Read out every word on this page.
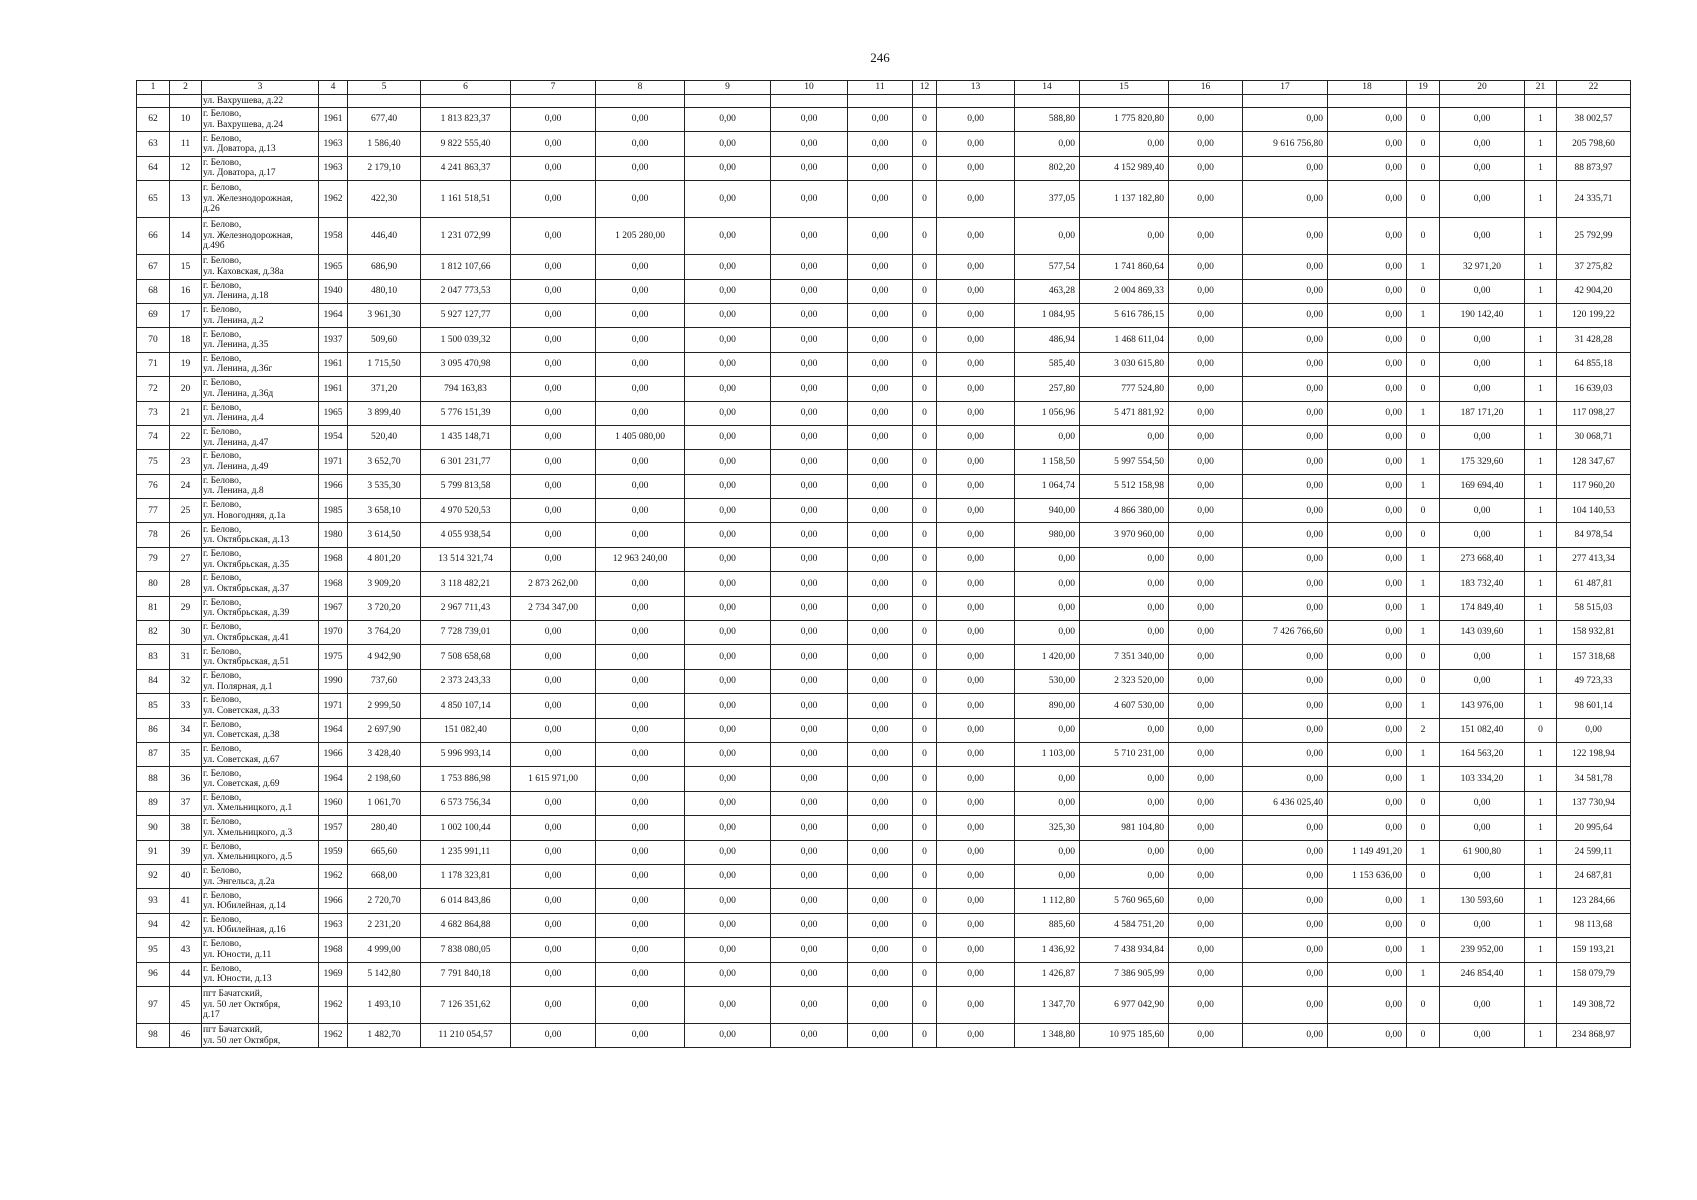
246
1	2	3	4	5	6	7	8	9	10	11	12	13	14	15	16	17	18	19	20	21	22
		ул. Вахрушева, д.22																			
62	10	г. Белово,
ул. Вахрушева, д.24	1961	677,40	1 813 823,37	0,00	0,00	0,00	0,00	0,00	0	0,00	588,80	1 775 820,80	0,00	0,00	0,00	0	0,00	1	38 002,57
63	11	г. Белово,
ул. Доватора, д.13	1963	1 586,40	9 822 555,40	0,00	0,00	0,00	0,00	0,00	0	0,00	0,00	0,00	0,00	9 616 756,80	0,00	0	0,00	1	205 798,60
64	12	г. Белово,
ул. Доватора, д.17	1963	2 179,10	4 241 863,37	0,00	0,00	0,00	0,00	0,00	0	0,00	802,20	4 152 989,40	0,00	0,00	0,00	0	0,00	1	88 873,97
65	13	г. Белово,
ул. Железнодорожная,
д.26	1962	422,30	1 161 518,51	0,00	0,00	0,00	0,00	0,00	0	0,00	377,05	1 137 182,80	0,00	0,00	0,00	0	0,00	1	24 335,71
66	14	г. Белово,
ул. Железнодорожная,
д.49б	1958	446,40	1 231 072,99	0,00	1 205 280,00	0,00	0,00	0,00	0	0,00	0,00	0,00	0,00	0,00	0,00	0	0,00	1	25 792,99
67	15	г. Белово,
ул. Каховская, д.38а	1965	686,90	1 812 107,66	0,00	0,00	0,00	0,00	0,00	0	0,00	577,54	1 741 860,64	0,00	0,00	0,00	1	32 971,20	1	37 275,82
68	16	г. Белово,
ул. Ленина, д.18	1940	480,10	2 047 773,53	0,00	0,00	0,00	0,00	0,00	0	0,00	463,28	2 004 869,33	0,00	0,00	0,00	0	0,00	1	42 904,20
69	17	г. Белово,
ул. Ленина, д.2	1964	3 961,30	5 927 127,77	0,00	0,00	0,00	0,00	0,00	0	0,00	1 084,95	5 616 786,15	0,00	0,00	0,00	1	190 142,40	1	120 199,22
70	18	г. Белово,
ул. Ленина, д.35	1937	509,60	1 500 039,32	0,00	0,00	0,00	0,00	0,00	0	0,00	486,94	1 468 611,04	0,00	0,00	0,00	0	0,00	1	31 428,28
71	19	г. Белово,
ул. Ленина, д.36г	1961	1 715,50	3 095 470,98	0,00	0,00	0,00	0,00	0,00	0	0,00	585,40	3 030 615,80	0,00	0,00	0,00	0	0,00	1	64 855,18
72	20	г. Белово,
ул. Ленина, д.36д	1961	371,20	794 163,83	0,00	0,00	0,00	0,00	0,00	0	0,00	257,80	777 524,80	0,00	0,00	0,00	0	0,00	1	16 639,03
73	21	г. Белово,
ул. Ленина, д.4	1965	3 899,40	5 776 151,39	0,00	0,00	0,00	0,00	0,00	0	0,00	1 056,96	5 471 881,92	0,00	0,00	0,00	1	187 171,20	1	117 098,27
74	22	г. Белово,
ул. Ленина, д.47	1954	520,40	1 435 148,71	0,00	1 405 080,00	0,00	0,00	0,00	0	0,00	0,00	0,00	0,00	0,00	0,00	0	0,00	1	30 068,71
75	23	г. Белово,
ул. Ленина, д.49	1971	3 652,70	6 301 231,77	0,00	0,00	0,00	0,00	0,00	0	0,00	1 158,50	5 997 554,50	0,00	0,00	0,00	1	175 329,60	1	128 347,67
76	24	г. Белово,
ул. Ленина, д.8	1966	3 535,30	5 799 813,58	0,00	0,00	0,00	0,00	0,00	0	0,00	1 064,74	5 512 158,98	0,00	0,00	0,00	1	169 694,40	1	117 960,20
77	25	г. Белово,
ул. Новогодняя, д.1а	1985	3 658,10	4 970 520,53	0,00	0,00	0,00	0,00	0,00	0	0,00	940,00	4 866 380,00	0,00	0,00	0,00	0	0,00	1	104 140,53
78	26	г. Белово,
ул. Октябрьская, д.13	1980	3 614,50	4 055 938,54	0,00	0,00	0,00	0,00	0,00	0	0,00	980,00	3 970 960,00	0,00	0,00	0,00	0	0,00	1	84 978,54
79	27	г. Белово,
ул. Октябрьская, д.35	1968	4 801,20	13 514 321,74	0,00	12 963 240,00	0,00	0,00	0,00	0	0,00	0,00	0,00	0,00	0,00	0,00	1	273 668,40	1	277 413,34
80	28	г. Белово,
ул. Октябрьская, д.37	1968	3 909,20	3 118 482,21	2 873 262,00	0,00	0,00	0,00	0,00	0	0,00	0,00	0,00	0,00	0,00	0,00	1	183 732,40	1	61 487,81
81	29	г. Белово,
ул. Октябрьская, д.39	1967	3 720,20	2 967 711,43	2 734 347,00	0,00	0,00	0,00	0,00	0	0,00	0,00	0,00	0,00	0,00	0,00	1	174 849,40	1	58 515,03
82	30	г. Белово,
ул. Октябрьская, д.41	1970	3 764,20	7 728 739,01	0,00	0,00	0,00	0,00	0,00	0	0,00	0,00	0,00	0,00	7 426 766,60	0,00	1	143 039,60	1	158 932,81
83	31	г. Белово,
ул. Октябрьская, д.51	1975	4 942,90	7 508 658,68	0,00	0,00	0,00	0,00	0,00	0	0,00	1 420,00	7 351 340,00	0,00	0,00	0,00	0	0,00	1	157 318,68
84	32	г. Белово,
ул. Полярная, д.1	1990	737,60	2 373 243,33	0,00	0,00	0,00	0,00	0,00	0	0,00	530,00	2 323 520,00	0,00	0,00	0,00	0	0,00	1	49 723,33
85	33	г. Белово,
ул. Советская, д.33	1971	2 999,50	4 850 107,14	0,00	0,00	0,00	0,00	0,00	0	0,00	890,00	4 607 530,00	0,00	0,00	0,00	1	143 976,00	1	98 601,14
86	34	г. Белово,
ул. Советская, д.38	1964	2 697,90	151 082,40	0,00	0,00	0,00	0,00	0,00	0	0,00	0,00	0,00	0,00	0,00	0,00	2	151 082,40	0	0,00
87	35	г. Белово,
ул. Советская, д.67	1966	3 428,40	5 996 993,14	0,00	0,00	0,00	0,00	0,00	0	0,00	1 103,00	5 710 231,00	0,00	0,00	0,00	1	164 563,20	1	122 198,94
88	36	г. Белово,
ул. Советская, д.69	1964	2 198,60	1 753 886,98	1 615 971,00	0,00	0,00	0,00	0,00	0	0,00	0,00	0,00	0,00	0,00	0,00	1	103 334,20	1	34 581,78
89	37	г. Белово,
ул. Хмельницкого, д.1	1960	1 061,70	6 573 756,34	0,00	0,00	0,00	0,00	0,00	0	0,00	0,00	0,00	0,00	6 436 025,40	0,00	0	0,00	1	137 730,94
90	38	г. Белово,
ул. Хмельницкого, д.3	1957	280,40	1 002 100,44	0,00	0,00	0,00	0,00	0,00	0	0,00	325,30	981 104,80	0,00	0,00	0,00	0	0,00	1	20 995,64
91	39	г. Белово,
ул. Хмельницкого, д.5	1959	665,60	1 235 991,11	0,00	0,00	0,00	0,00	0,00	0	0,00	0,00	0,00	0,00	0,00	1 149 491,20	1	61 900,80	1	24 599,11
92	40	г. Белово,
ул. Энгельса, д.2а	1962	668,00	1 178 323,81	0,00	0,00	0,00	0,00	0,00	0	0,00	0,00	0,00	0,00	0,00	1 153 636,00	0	0,00	1	24 687,81
93	41	г. Белово,
ул. Юбилейная, д.14	1966	2 720,70	6 014 843,86	0,00	0,00	0,00	0,00	0,00	0	0,00	1 112,80	5 760 965,60	0,00	0,00	0,00	1	130 593,60	1	123 284,66
94	42	г. Белово,
ул. Юбилейная, д.16	1963	2 231,20	4 682 864,88	0,00	0,00	0,00	0,00	0,00	0	0,00	885,60	4 584 751,20	0,00	0,00	0,00	0	0,00	1	98 113,68
95	43	г. Белово,
ул. Юности, д.11	1968	4 999,00	7 838 080,05	0,00	0,00	0,00	0,00	0,00	0	0,00	1 436,92	7 438 934,84	0,00	0,00	0,00	1	239 952,00	1	159 193,21
96	44	г. Белово,
ул. Юности, д.13	1969	5 142,80	7 791 840,18	0,00	0,00	0,00	0,00	0,00	0	0,00	1 426,87	7 386 905,99	0,00	0,00	0,00	1	246 854,40	1	158 079,79
97	45	пгт Бачатский,
ул. 50 лет Октября,
д.17	1962	1 493,10	7 126 351,62	0,00	0,00	0,00	0,00	0,00	0	0,00	1 347,70	6 977 042,90	0,00	0,00	0,00	0	0,00	1	149 308,72
98	46	пгт Бачатский,
ул. 50 лет Октября,	1962	1 482,70	11 210 054,57	0,00	0,00	0,00	0,00	0,00	0	0,00	1 348,80	10 975 185,60	0,00	0,00	0,00	0	0,00	1	234 868,97
